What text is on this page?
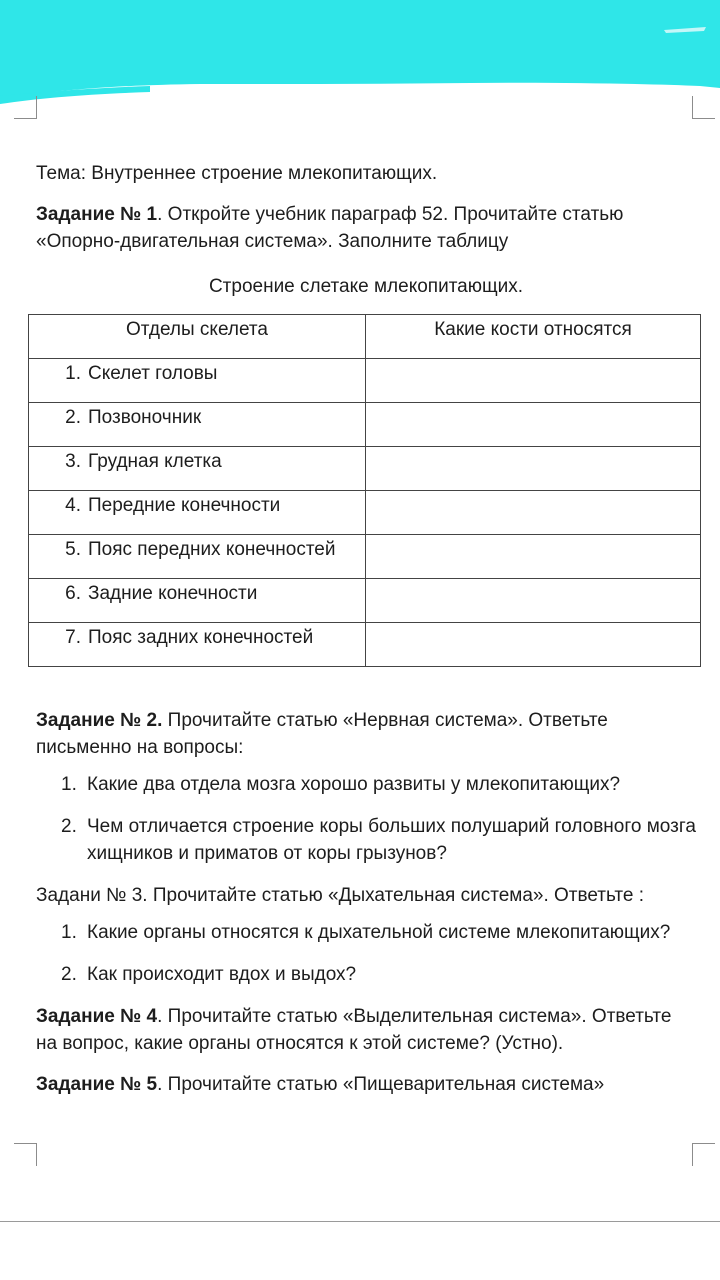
Тема: Внутреннее строение млекопитающих.

Задание № 1. Откройте учебник параграф 52. Прочитайте статью «Опорно-двигательная система». Заполните таблицу

Строение слетаке млекопитающих.

Отделы скелета	Какие кости относятся
1. Скелет головы	
2. Позвоночник	
3. Грудная клетка	
4. Передние конечности	
5. Пояс передних конечностей	
6. Задние конечности	
7. Пояс задних конечностей	

Задание № 2. Прочитайте статью «Нервная система». Ответьте письменно на вопросы:

1. Какие два отдела мозга хорошо развиты у млекопитающих?
2. Чем отличается строение коры больших полушарий головного мозга хищников и приматов от коры грызунов?

Задани № 3. Прочитайте статью «Дыхательная система». Ответьте :

1. Какие органы относятся к дыхательной системе млекопитающих?
2. Как происходит вдох и выдох?

Задание № 4. Прочитайте статью «Выделительная система». Ответьте на вопрос, какие органы относятся к этой системе? (Устно).

Задание № 5. Прочитайте статью «Пищеварительная система»
